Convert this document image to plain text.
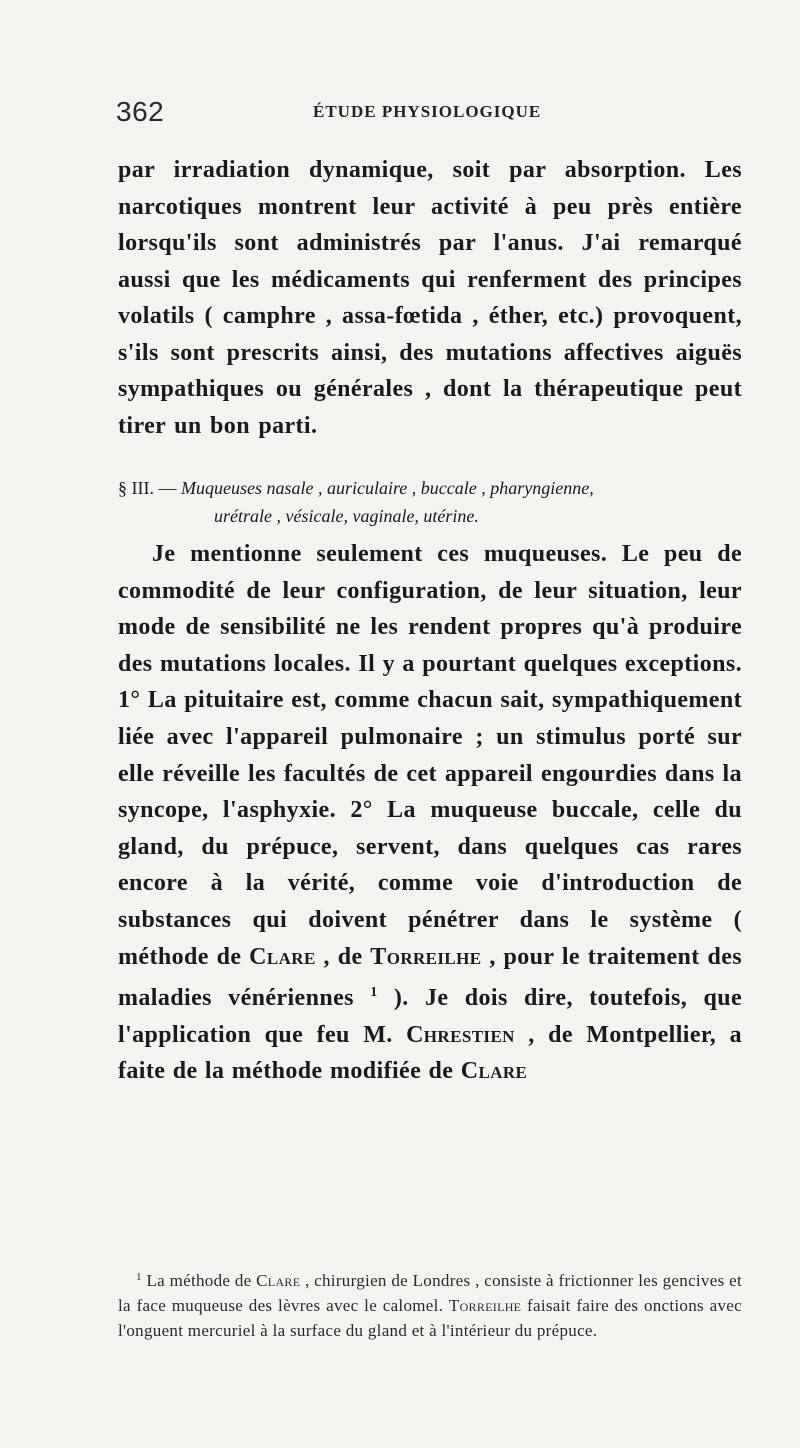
362	ÉTUDE PHYSIOLOGIQUE

par irradiation dynamique, soit par absorption. Les narcotiques montrent leur activité à peu près entière lorsqu'ils sont administrés par l'anus. J'ai remarqué aussi que les médicaments qui renferment des principes volatils ( camphre , assa-fœtida , éther, etc.) provoquent, s'ils sont prescrits ainsi, des mutations affectives aiguës sympathiques ou générales , dont la thérapeutique peut tirer un bon parti.

§ III. — Muqueuses nasale , auriculaire , buccale , pharyngienne,
urétrale , vésicale, vaginale, utérine.

Je mentionne seulement ces muqueuses. Le peu de commodité de leur configuration, de leur situation, leur mode de sensibilité ne les rendent propres qu'à produire des mutations locales. Il y a pourtant quelques exceptions. 1° La pituitaire est, comme chacun sait, sympathiquement liée avec l'appareil pulmonaire ; un stimulus porté sur elle réveille les facultés de cet appareil engourdies dans la syncope, l'asphyxie. 2° La muqueuse buccale, celle du gland, du prépuce, servent, dans quelques cas rares encore à la vérité, comme voie d'introduction de substances qui doivent pénétrer dans le système ( méthode de Clare , de Torreilhe , pour le traitement des maladies vénériennes $^1$ ). Je dois dire, toutefois, que l'application que feu M. Chrestien , de Montpellier, a faite de la méthode modifiée de Clare

$^1$ La méthode de Clare , chirurgien de Londres , consiste à frictionner les gencives et la face muqueuse des lèvres avec le calomel. Torreilhe faisait faire des onctions avec l'onguent mercuriel à la surface du gland et à l'intérieur du prépuce.
